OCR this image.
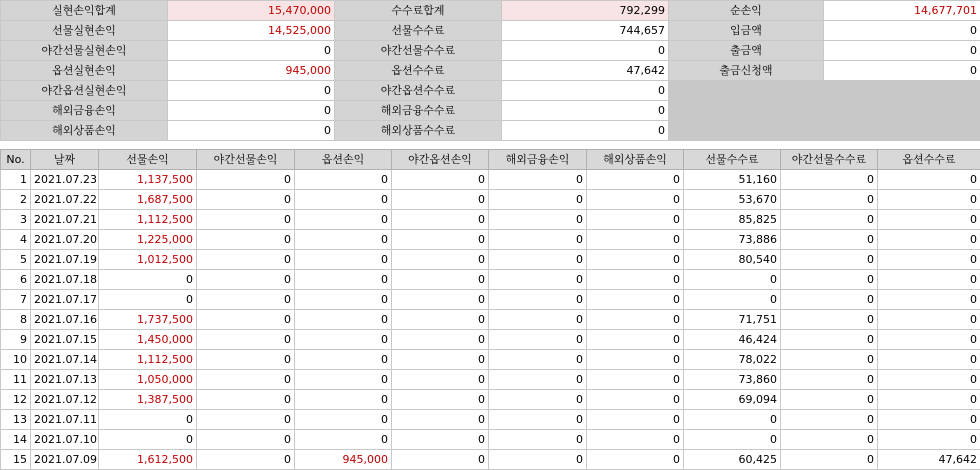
실현손익합계	15,470,000	수수료합계	792,299	순손익	14,677,701
선물실현손익	14,525,000	선물수수료	744,657	입금액	0
야간선물실현손익	0	야간선물수수료	0	출금액	0
옵션실현손익	945,000	옵션수수료	47,642	출금신청액	0
야간옵션실현손익	0	야간옵션수수료	0		
해외금융손익	0	해외금융수수료	0		
해외상품손익	0	해외상품수수료	0		
No.	날짜	선물손익	야간선물손익	옵션손익	야간옵션손익	해외금융손익	해외상품손익	선물수수료	야간선물수수료	옵션수수료
1	2021.07.23	1,137,500	0	0	0	0	0	51,160	0	0
2	2021.07.22	1,687,500	0	0	0	0	0	53,670	0	0
3	2021.07.21	1,112,500	0	0	0	0	0	85,825	0	0
4	2021.07.20	1,225,000	0	0	0	0	0	73,886	0	0
5	2021.07.19	1,012,500	0	0	0	0	0	80,540	0	0
6	2021.07.18	0	0	0	0	0	0	0	0	0
7	2021.07.17	0	0	0	0	0	0	0	0	0
8	2021.07.16	1,737,500	0	0	0	0	0	71,751	0	0
9	2021.07.15	1,450,000	0	0	0	0	0	46,424	0	0
10	2021.07.14	1,112,500	0	0	0	0	0	78,022	0	0
11	2021.07.13	1,050,000	0	0	0	0	0	73,860	0	0
12	2021.07.12	1,387,500	0	0	0	0	0	69,094	0	0
13	2021.07.11	0	0	0	0	0	0	0	0	0
14	2021.07.10	0	0	0	0	0	0	0	0	0
15	2021.07.09	1,612,500	0	945,000	0	0	0	60,425	0	47,642
